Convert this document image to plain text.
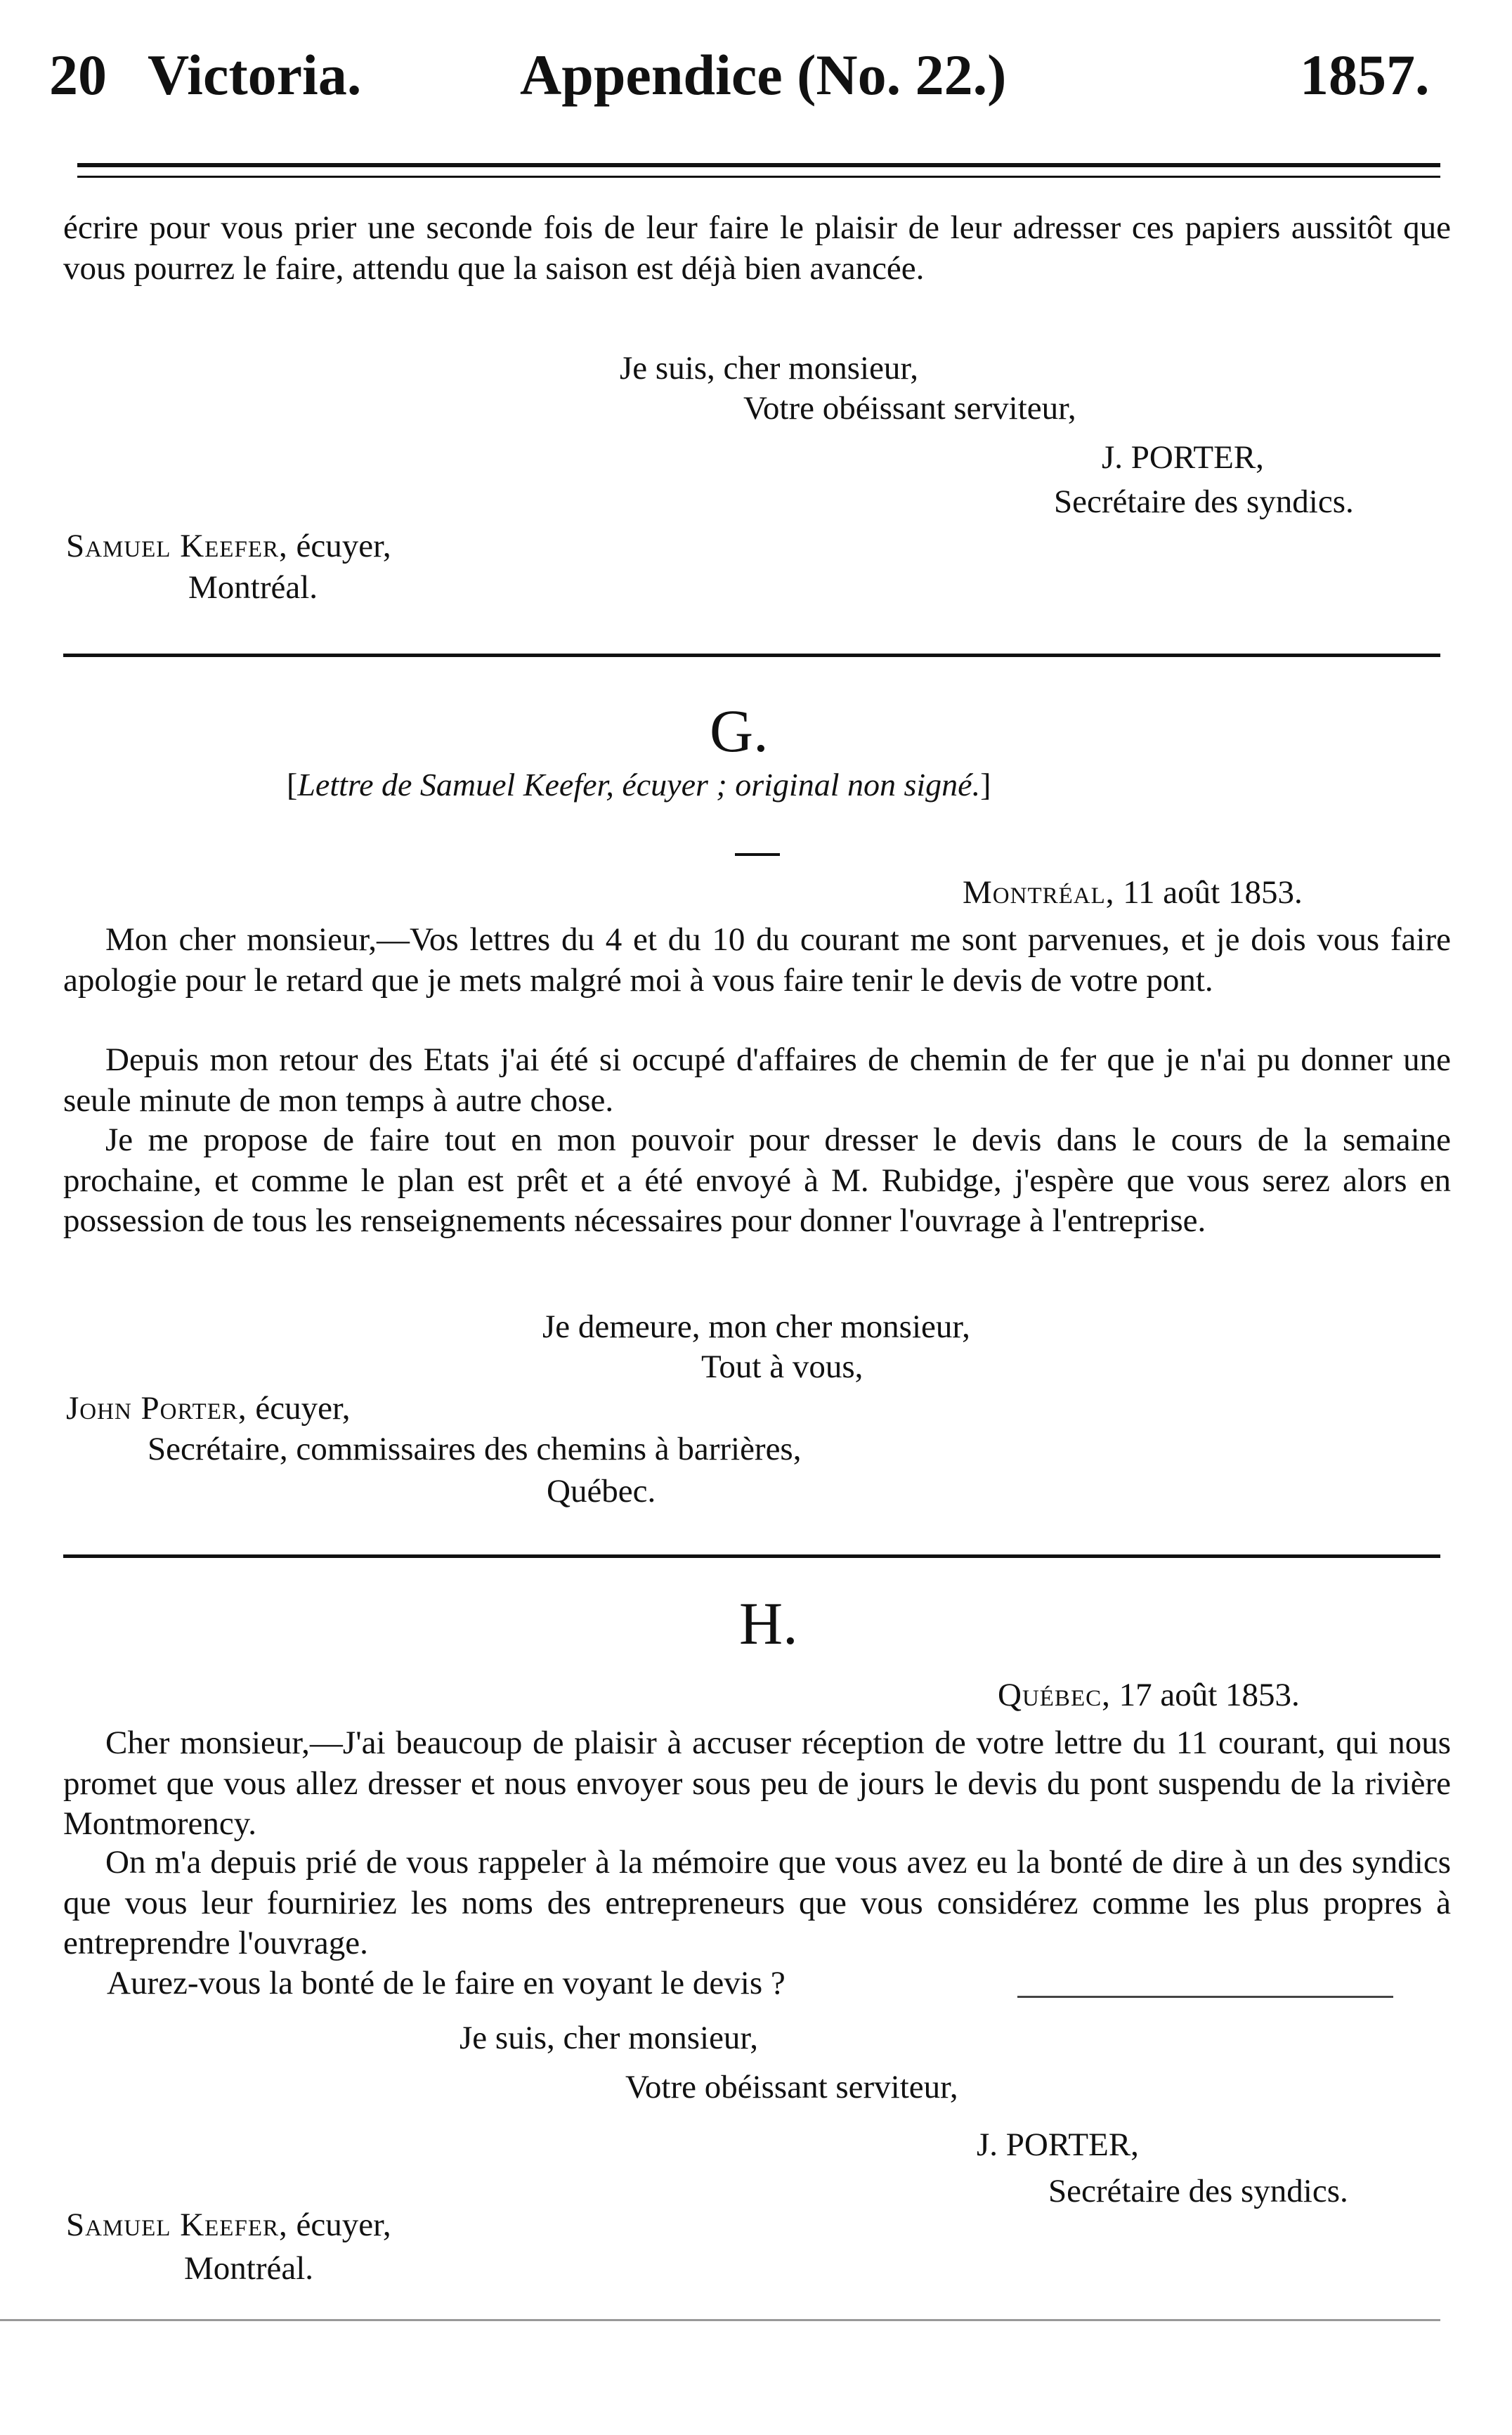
20 Victoria.	Appendice (No. 22.)	1857.

écrire pour vous prier une seconde fois de leur faire le plaisir de leur adresser ces papiers aussitôt que vous pourrez le faire, attendu que la saison est déjà bien avancée.

Je suis, cher monsieur,
Votre obéissant serviteur,
J. PORTER,
Secrétaire des syndics.
Samuel Keefer, écuyer,
Montréal.
G.
[Lettre de Samuel Keefer, écuyer ; original non signé.]
Montréal, 11 août 1853.

Mon cher monsieur,—Vos lettres du 4 et du 10 du courant me sont parvenues, et je dois vous faire apologie pour le retard que je mets malgré moi à vous faire tenir le devis de votre pont.

Depuis mon retour des Etats j'ai été si occupé d'affaires de chemin de fer que je n'ai pu donner une seule minute de mon temps à autre chose.

Je me propose de faire tout en mon pouvoir pour dresser le devis dans le cours de la semaine prochaine, et comme le plan est prêt et a été envoyé à M. Rubidge, j'espère que vous serez alors en possession de tous les renseignements nécessaires pour donner l'ouvrage à l'entreprise.

Je demeure, mon cher monsieur,
Tout à vous,
John Porter, écuyer,
Secrétaire, commissaires des chemins à barrières,
Québec.
H.
Québec, 17 août 1853.

Cher monsieur,—J'ai beaucoup de plaisir à accuser réception de votre lettre du 11 courant, qui nous promet que vous allez dresser et nous envoyer sous peu de jours le devis du pont suspendu de la rivière Montmorency.

On m'a depuis prié de vous rappeler à la mémoire que vous avez eu la bonté de dire à un des syndics que vous leur fourniriez les noms des entrepreneurs que vous considérez comme les plus propres à entreprendre l'ouvrage.

Aurez-vous la bonté de le faire en voyant le devis ?
Je suis, cher monsieur,
Votre obéissant serviteur,
J. PORTER,
Secrétaire des syndics.
Samuel Keefer, écuyer,
Montréal.
